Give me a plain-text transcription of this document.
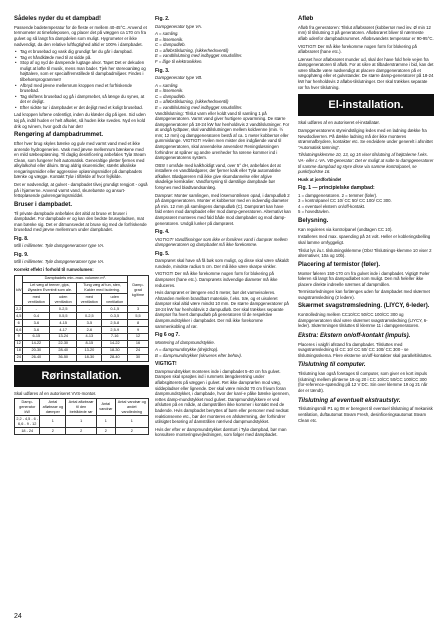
Sådeles nyder du et dampbad!

Passende badetemperatur for de fleste er mellem 40-45°C. Anvend et termometer at timeføleposen, og placer det på væggen ca 170 cm fra gulvet og så langt fra dampdelen som muligt. Hygrometer er ikke nødvendigt, da den relative luftfugtighed altid er 100% i dampbadet.

• Tag et brusebad og vask dig grundigt før du går i dampbad.
• Tag et håndklæde med til at sidde på.
• Stop af og nyd de dampende lugtage alvor. Tapet Det er dekuden muligt at løfte til musik, mens man bader. Tjek her stereoanlæg og højttalere, som er specialfremstillede til dampbadmiljøer. Findes i tilbehørsprogrammet!
• Afbryd med jævne mellemrum kroppen med et forfriskende brusebad.
• Tag skiftens brusebad og gå i damprsebet, så længe du synes, at det er dejligt.
• Efter sidste tur i dampbadet er det dejligt med et koligt brusebad.

Lad kroppen luftene ordentligt, inden du klæder dig på igen. Sid uden tøj på, indtil huden er helt afkølet, så huden ikke svedes. Nyd en kold drik og tvinem, hvor godt du har det!

Rengøring af dampbadrummet.

Efter hver brug skyles bænke og gulv med varmt vand med et ikke anrende hydrogenerien. Vask med jævne mellemrum bænkene med en mild sæbeopløsning. Til daglig desinficering anbefales Tylø Steam Clean, som fungerer helt automatisk. Generaltige pletter fjernes med alkylalkohol eller diluim. Brug aldrig skuremidler, stærkt alkaliske rengøringsmidler eller aggressive opløsningsmidler på dampbadets bænke og vægge. Kontakt Tylø i tilfælde af hvor fejlkilde.

Det er nødvendigt, at gulvet - dampbadet tilvej grundigt rengjort - også på i hjørnerne. Anvend varmt vand, skurebørste og ansurt-fettopløsende gulvrengøringsmiddel.

Bruser i dampbadet.

Til private dampbade anbefales det altid at bruse et bruser i dampbadet. For dampbade er og kan den bedste brusepladsen, mat man bænke sig. Det er ditmunsvedet at bruse sig med de forfriskende brusebad med jævne mellemrum under dampbadet.

Fig. 8.

Mål i millimeter. Tylø dampgeneratorer type VA.

Fig. 9.

Mål i millimeter. Tylø dampgeneratorer type VA.

Korrekt effekt i forhold til rumvolumen:

kW	Dampbadets min.-max. volumen m³.				Damp-grad kg/time
	Let væg af teener, gips, Øyasten Eventnit som ale.		Tung væg af tun, sten, Kakler med Isolering.		
	med ventilation	uden ventilation	med ventilation	uden ventilation	
2,2	-	0-2,5	-	0-1,5	3
4,5	0-4	0-5,5	0-2,5	0-3,5	5,5
6	3-6	4-15	3-5	2,5-8	8
6,6	3-6	4-17	2-6	2,5-9	9
9	6-15	13-24	4-13	7-16	12
12	14-22	22-30	8-15	14-22	16
18	20-30	28-40	13-20	18-30	24
24	26-40	36-50	18-30	28-40	30
Rørinstallation.

Skal udføres af en autoriseret VVS-montør.

Damp-generator kW	Antal afløbsrør og dæmper	Antal afløbsrør til den betrådede rør	Antal vandrør	Antal vandrør og andet vandledning
2,2 - 4,5 - 6 - 6,6 - 9 - 12	1	1	1	1
18 - 24	2	2	2	2
Fig. 2.

Dampgenerator type VA.

A = samling.
B = lösemenik.
C = dampudløb.
D = afløbstilslutning, (sikkerhedsventil)
E = vandtilslutning med indbygget smudsfilter.
F = låge til elektronikken.
Fig. 3.

Dampgenerator type VB.

A = samling.
B = lösemenik.
C = dampudløb.
D = afløbstilslutning, (sikkerhedsventil)
E = vandtilslutning med indbygget smudsfilter.

Vandtilslutning: Tilslut varm eller koldt vand til samling 1 på dampgeneratoren. Varmt vand giver hurtigere opvarmning. De større dampgeneratorer på 18-24 kW har henholdsvis 2 vandtilslutninger. For at undgå tydtpøer, skal vandtilslutningen mellem koldvenne (min. ½ mm; 12 mm) og dampgeneratoren bestå af ca. 1 meter kobberrør eller gummislange. VIGTIGT! Hvilen men mister den indgående vand til dampgeneratoren, skal anvendelse anvendes! Reningsløsningen forhindrer at spåner og andre urenheder fra rørene kommer ind i dampgeneratorens system.

OBS! I område med kalkholdigt vand, over 5° dH, anbefales det at installere en vandblødgører, der fjerner kalk eller Tylø automatiske afkalker. Blødgøreren må ikke give skumdannelse eller afgive skadelige kemikalier. Vandforsyning til dørstilige dampbade bør forsynes med blødtvandsanlæg.

Damprør: Monter samlingen, med lösemontriksen opad, i dampudløb 2 på dampgeneratoren. Monter et kobberrør med en indvendig diameter på min. 12 mm på samlingens dampudløb (C). Dampsrørt kan have fald enten mod dampbadet eller mod damp-generatoren. Alternativt kan dampsrøret monteres med fald både mod dampbadet og mod damp-generatoren. Undgå lunker på damprøret.

Fig. 4.

VIGTIGT! Vandlåsninger som ikke er forsikres vand i damprør mellem dampgeneratoren og dampbadet må ikke forekomme.

Fig. 5.

Damprøret skal have så få bøk som muligt, og disse skal være såkaldt rundede, mindste radius 5 cm. Der må ikke være skarpe vinkler.

VIGTIGT! Der må ikke forekomme nogen form for blokering på damprøret (hane etc.). Damprørets indvendige diameter må ikke reduceres.

Hvis damprøret er længere end 5 meter, bør det varmeisoleres. Afstanden mellem brandbart materiale, f.eks. træ, og et uisoleret damprør skal altid være mindst 10 mm. De større dampgeneratorer på 18-24 kW har henholdsvis 2 dampudløb. Der skal trækkes separate damprør fra hvert dampudløb på generatoren til de respektive dampmundstykker i dampbadet. Der må ikke forekomme sammenkobling af rør.

Fig 6 og 7.

Montering af dampmundstykke.

A = dampmundstykke (drejtdrop).
B = dampmundstykket (skrueres efter behov).
VIGTIGT!

Dampmundstykket monteres inde i dampbadet 5-40 cm fra gulvet. Dampen skal sprøjtes ind i rummets længderetning under afløbsgitterets på væggen i gulvet. Ret ikke damprørlen mod væg, siddepladser eller lignende. Der skal være mindst 70 cm frivum foran dampmundstykket, i dampbade, hvor der kan/-e påke bænke igennem, rettes damp-mundstykket mod gulvet. Dampmundstykkere er ved afslutten på en måde, at dampstrålen ikke kommer i kontakt med de badende. Hvis dampbadet benyttes af børn eller personer med nedsat reaktionsevne etc., bør der monteres en afskærmning, der forhindrer utilsigtet berøring af damstrålen nær/ved dampmundstykket.

Hvis der efter er dampmundstykket dørsturt i Tylø dampbad, bør man konsultere monteringsvejledningen, som følger med dampbadet.

Afløb

Afløb fra generatoren: Tilslut afløbsrøret (kobberrør med inv. Ø min 12 mm) til tilslutning 3 på generatoren. Afløbsrøret bliver til nærmeste afløb udenfor dampbadsrummet. Afløbsvandets temperatur er 90-95°C.

VIGTIGT! Der må ikke forekomme nogen form for blokering på afløbsrøret (hane etc.).

Lænset hvor afløbsrøret munder ud, skal der have fold hele vejen fra dampgeneratoren til afløb. For at sikre at tilbaderstrømme i bid, kan det være tilladte være nødvendigt at placere dampgeneratoren på et vægophæng eller et gulvstander. De større damp-generatorer på 18-24 kW har henholdsvis 2 afløbs-tilslutninger. Der skal trækkes separate rør fra hver tilslutning.

El-installation.

Skal udføres af en autoriseret el-installatør.

Dampgeneratorens styreindstilging ledes med en ladning dække fra Newdodiverren. På dække ladning må der ikke monteres strømmafbrydere, kontakter etc. Se endvidere under generelt i afsnittet "Automatisk tømning".

Tilslutningsklemme 10, 13, og 15 viser tilslutning af højttalerne f.eks. VA- eller L-VA. VB-generator: Det er muligt at sulte to dampgeneratorer til samme dampbad og styre disse via samme kontrolpanel, se punkt/polstse 16.

Husk at jordforbinde!

Fig. 1 — principielske dampbad:
1 = dampgeneratoren. 2 = temmer (føler).
3 = kontrolpanel CC 10/ CC 50/ CC 100/ CC 300.
4 = eventuel ekstern on/off-kontakt.
5 = hovedtavlen.
Belysning.

Kan reguleres via kontrolpanel (undtagen CC 10).

Installeres med max. spaending på 24 volt. Heller er kobleringsbelling skal lamme omfyggeligt.

Tilslut lys i/u.t. tilslutningsklemme (Obs! Tilslutnings-klemme 10 viser 2 alternativer, 10a og 10b).

Placering af termistor (føler).

Monter føleren 150-170 cm fra gulvet inde i dampbadet. Vigtigt! Føler føleren så langt fra dampudløbet som muligt. Den må heleller ikke placere direkte indreelle nærmes af dampmålen.

Termistorledningen kan forlænges uden for dampbadet med skærmet svagstrømsledning (2 ledere).

Skærmet svagstrømsledning. (LIYCY, 6-leder).

Kontrolledning mellem CC10/CC 50/CC 100/CC 300 og dampgeneratoren skal være skærmet svagstrømsledning (LIYCY, 6-leder). Skærmningen tilsluttes til klemme 11 i dampgeneratoren.

Ekstra: Ekstern on/off-kontakt (impuls).

Placeres i valgfri afstand fra dampbadet. Tilsluttes med svagstrømsledning til CC 10/ CC 50/ CC 100/ CC 300 - se tilslutningsskema. Flere eksterne on/off-kontakter skal paralleltilsluttes.

Tilslutning til computer.

Tilslutning kan også foretages til computer, som giver en kort impuls (slutning) mellem plinterne 19 og 20 i CC 10/CC 50/CC 100/CC 300 (for-reference-spænding på 12 V DC. Sin over klemme 19 og 21 når der er tændt).

Tilslutning af eventuelt ekstrautstyr.

Tilslutningsmål P1 og 08 er beregnet til eventuel tilslutning af mekanisk ventilation, duftautomat Steam Fresh, desinficeringsautomat Steam Clean etc.

24
